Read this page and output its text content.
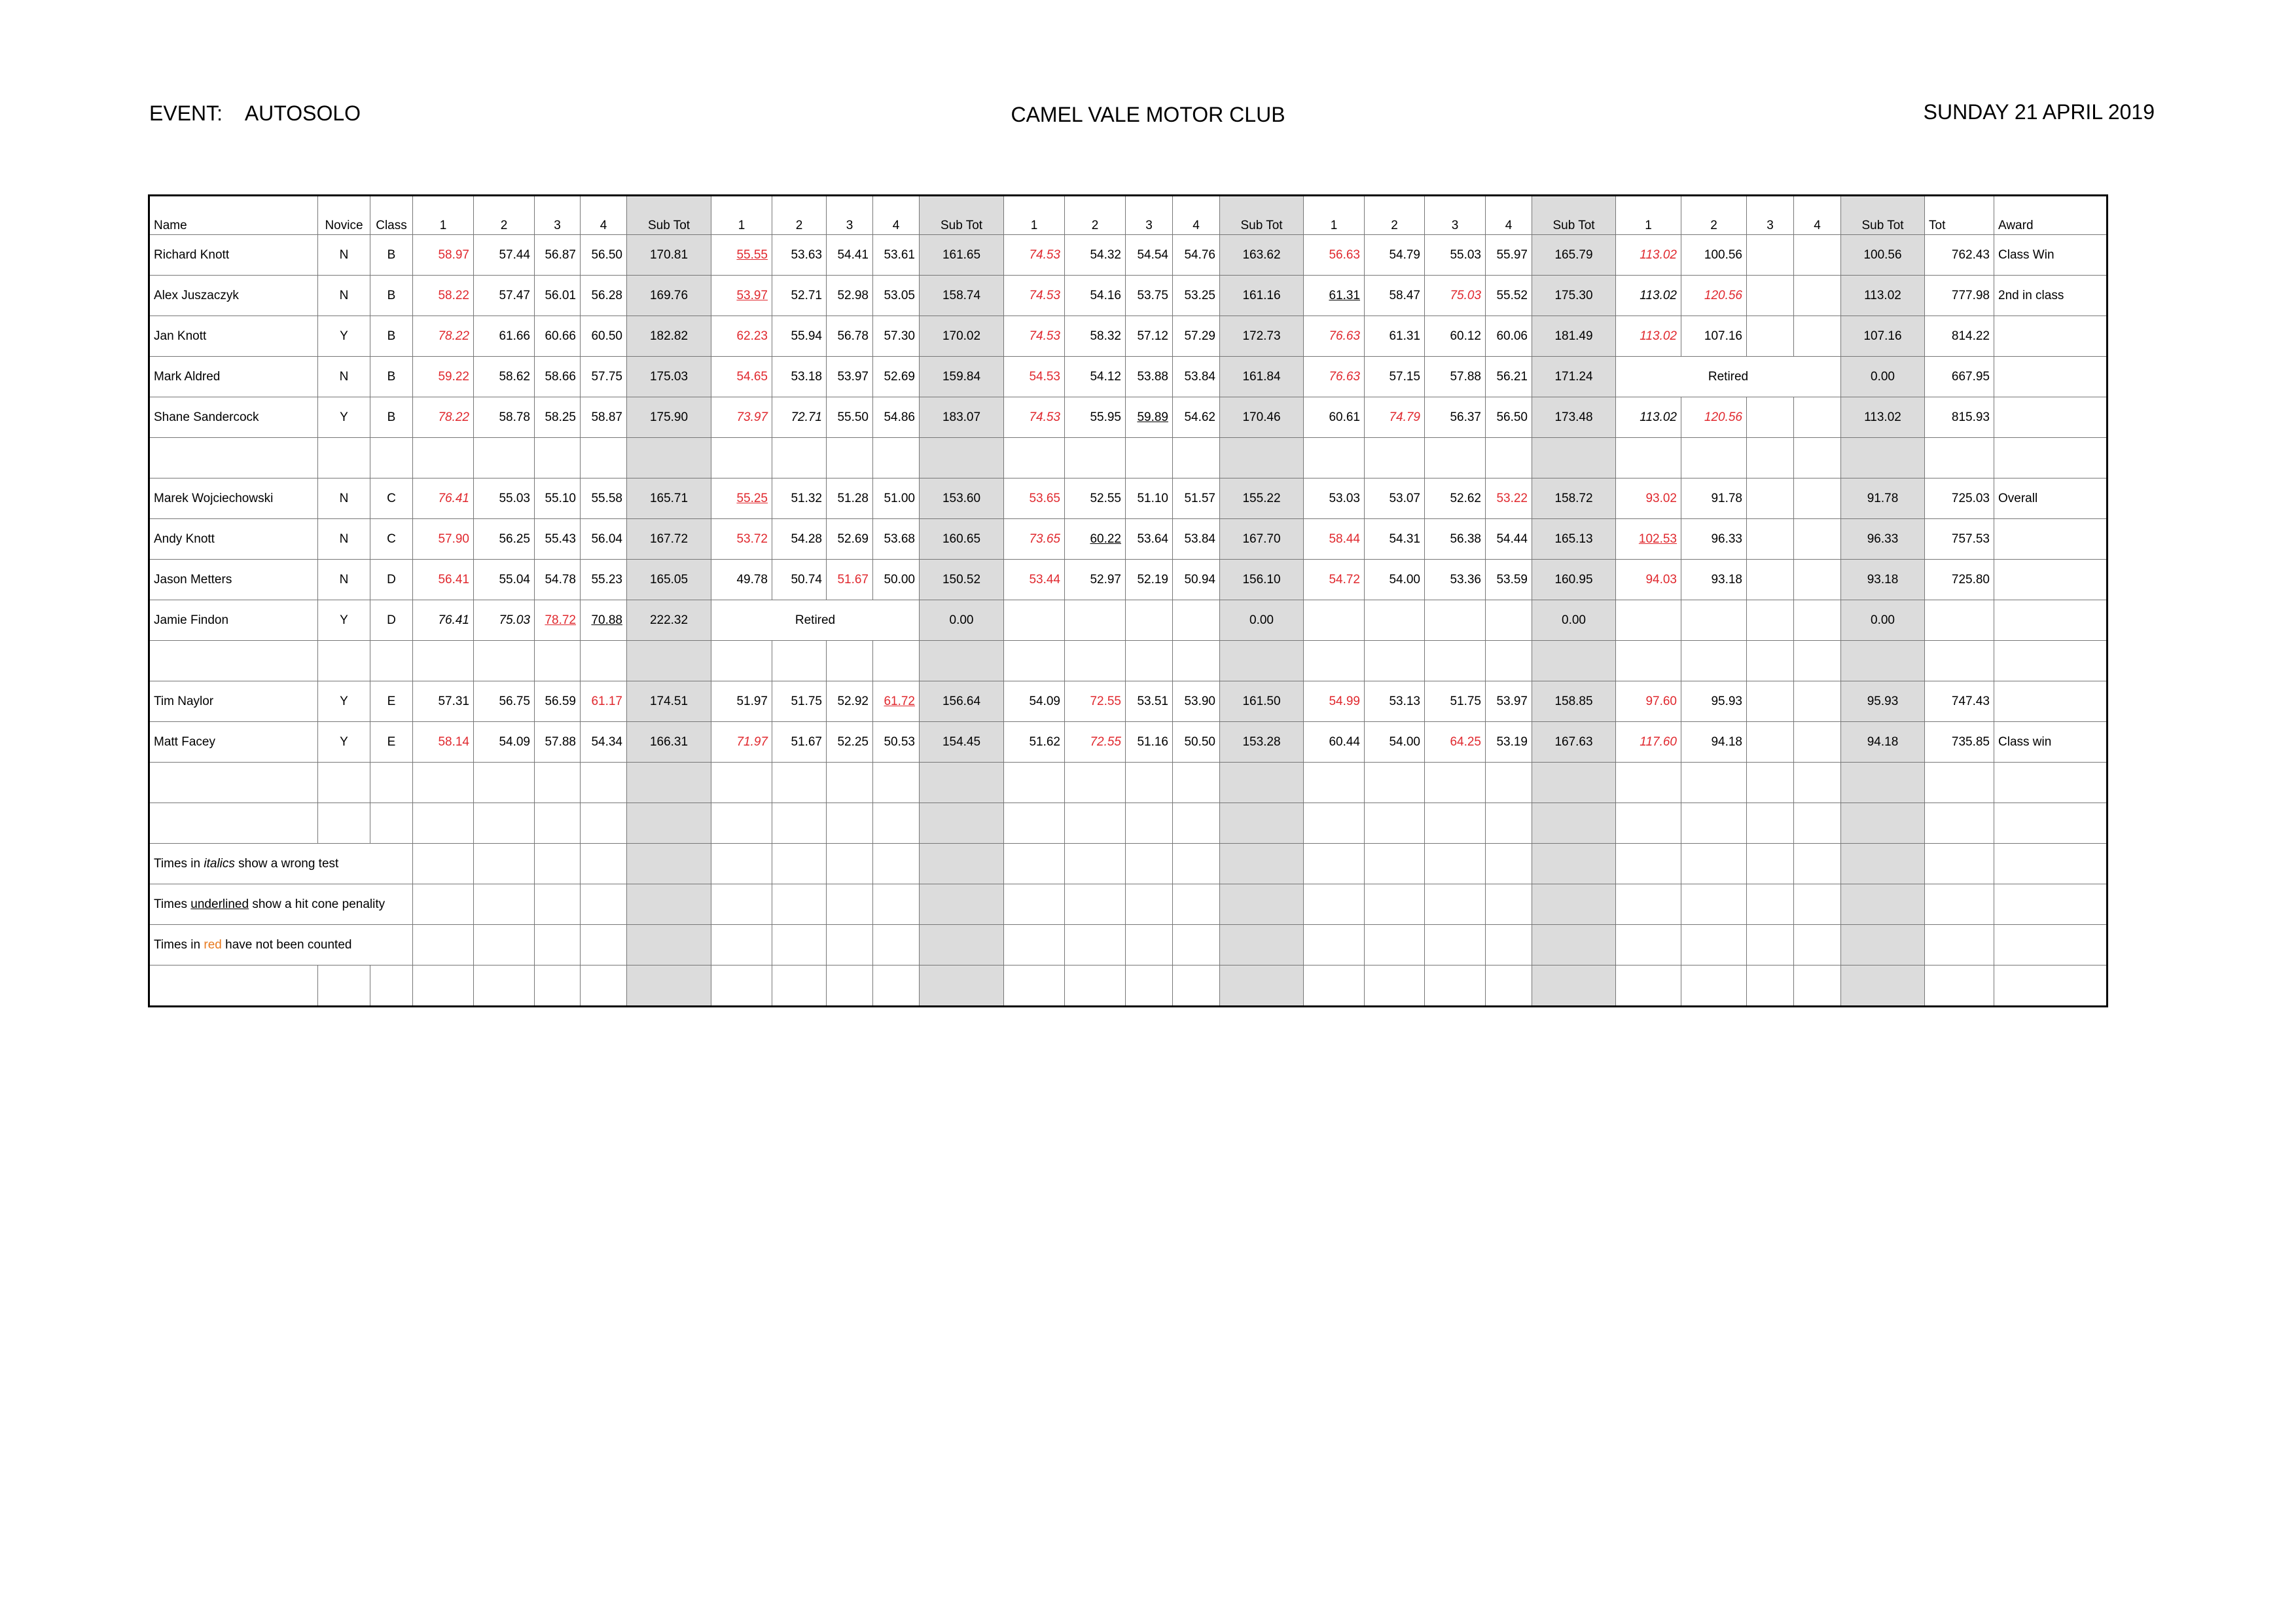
EVENT: AUTOSOLO	CAMEL VALE MOTOR CLUB	SUNDAY 21 APRIL 2019
Name	Novice	Class	1	2	3	4	Sub Tot	1	2	3	4	Sub Tot	1	2	3	4	Sub Tot	1	2	3	4	Sub Tot	1	2	3	4	Sub Tot	Tot	Award
Richard Knott	N	B	58.97	57.44	56.87	56.50	170.81	55.55	53.63	54.41	53.61	161.65	74.53	54.32	54.54	54.76	163.62	56.63	54.79	55.03	55.97	165.79	113.02	100.56			100.56	762.43	Class Win
Alex Juszaczyk	N	B	58.22	57.47	56.01	56.28	169.76	53.97	52.71	52.98	53.05	158.74	74.53	54.16	53.75	53.25	161.16	61.31	58.47	75.03	55.52	175.30	113.02	120.56			113.02	777.98	2nd in class
Jan Knott	Y	B	78.22	61.66	60.66	60.50	182.82	62.23	55.94	56.78	57.30	170.02	74.53	58.32	57.12	57.29	172.73	76.63	61.31	60.12	60.06	181.49	113.02	107.16			107.16	814.22	
Mark Aldred	N	B	59.22	58.62	58.66	57.75	175.03	54.65	53.18	53.97	52.69	159.84	54.53	54.12	53.88	53.84	161.84	76.63	57.15	57.88	56.21	171.24	Retired				0.00	667.95	
Shane Sandercock	Y	B	78.22	58.78	58.25	58.87	175.90	73.97	72.71	55.50	54.86	183.07	74.53	55.95	59.89	54.62	170.46	60.61	74.79	56.37	56.50	173.48	113.02	120.56			113.02	815.93	

Marek Wojciechowski	N	C	76.41	55.03	55.10	55.58	165.71	55.25	51.32	51.28	51.00	153.60	53.65	52.55	51.10	51.57	155.22	53.03	53.07	52.62	53.22	158.72	93.02	91.78			91.78	725.03	Overall
Andy Knott	N	C	57.90	56.25	55.43	56.04	167.72	53.72	54.28	52.69	53.68	160.65	73.65	60.22	53.64	53.84	167.70	58.44	54.31	56.38	54.44	165.13	102.53	96.33			96.33	757.53	
Jason Metters	N	D	56.41	55.04	54.78	55.23	165.05	49.78	50.74	51.67	50.00	150.52	53.44	52.97	52.19	50.94	156.10	54.72	54.00	53.36	53.59	160.95	94.03	93.18			93.18	725.80	
Jamie Findon	Y	D	76.41	75.03	78.72	70.88	222.32	Retired				0.00					0.00					0.00					0.00		

Tim Naylor	Y	E	57.31	56.75	56.59	61.17	174.51	51.97	51.75	52.92	61.72	156.64	54.09	72.55	53.51	53.90	161.50	54.99	53.13	51.75	53.97	158.85	97.60	95.93			95.93	747.43	
Matt Facey	Y	E	58.14	54.09	57.88	54.34	166.31	71.97	51.67	52.25	50.53	154.45	51.62	72.55	51.16	50.50	153.28	60.44	54.00	64.25	53.19	167.63	117.60	94.18			94.18	735.85	Class win

Times in italics show a wrong test																													
Times underlined show a hit cone penality																													
Times in red have not been counted																													
